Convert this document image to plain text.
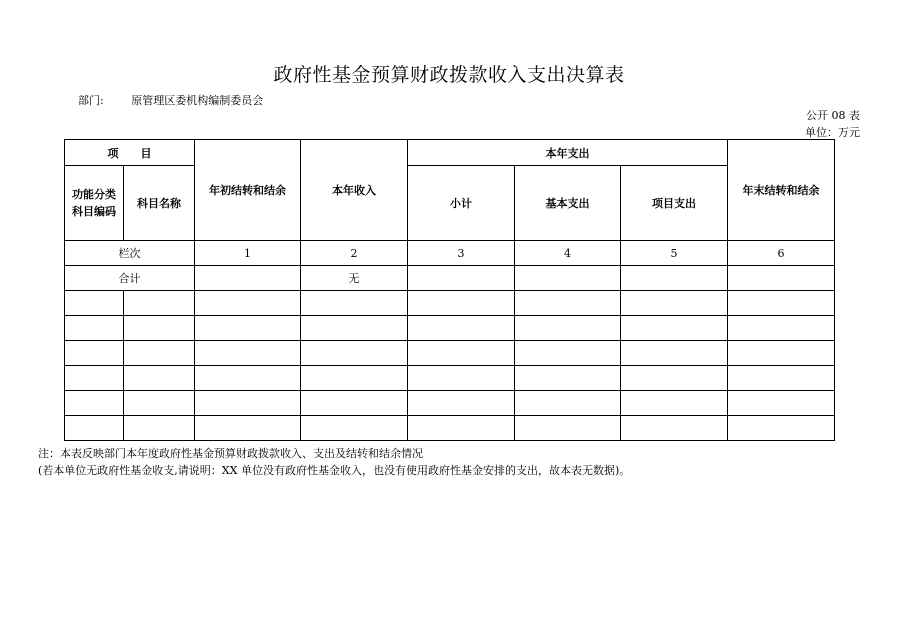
政府性基金预算财政拨款收入支出决算表
部门:	原管理区委机构编制委员会
公开 08 表
单位：万元
项　　目		年初结转和结余	本年收入	本年支出			年末结转和结余

功能分类
科目编码	科目名称			小计	基本支出	项目支出	
栏次		1	2	3	4	5	6
合计			无				

注：本表反映部门本年度政府性基金预算财政拨款收入、支出及结转和结余情况
(若本单位无政府性基金收支,请说明：XX 单位没有政府性基金收入，也没有使用政府性基金安排的支出，故本表无数据)。
